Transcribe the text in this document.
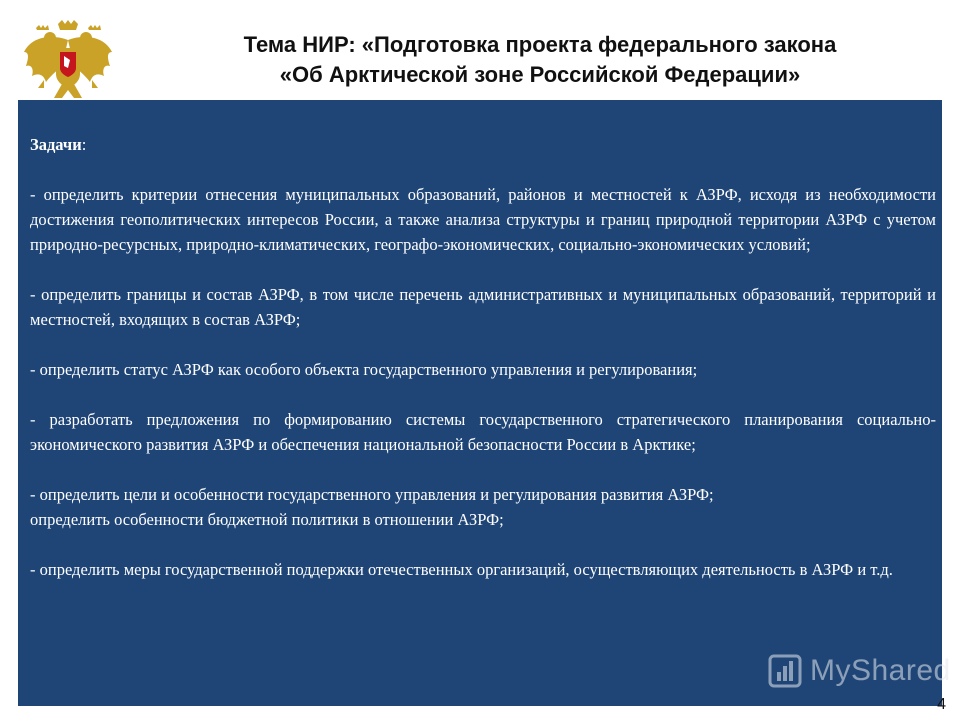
Тема НИР: «Подготовка проекта федерального закона
«Об Арктической зоне Российской Федерации»

Задачи:

- определить критерии отнесения муниципальных образований, районов и местностей к АЗРФ, исходя из необходимости достижения геополитических интересов России, а также анализа структуры и границ природной территории АЗРФ с учетом природно-ресурсных, природно-климатических, географо-экономических, социально-экономических условий;

- определить границы и состав АЗРФ, в том числе перечень административных и муниципальных образований, территорий и местностей, входящих в состав АЗРФ;

- определить статус АЗРФ как особого объекта государственного управления и регулирования;

- разработать предложения по формированию системы государственного стратегического планирования социально-экономического развития АЗРФ и обеспечения национальной безопасности России в Арктике;

- определить цели и особенности государственного управления и регулирования развития АЗРФ;

определить особенности бюджетной политики в отношении АЗРФ;

- определить меры государственной поддержки отечественных организаций, осуществляющих деятельность в АЗРФ и т.д.

MyShared
4
